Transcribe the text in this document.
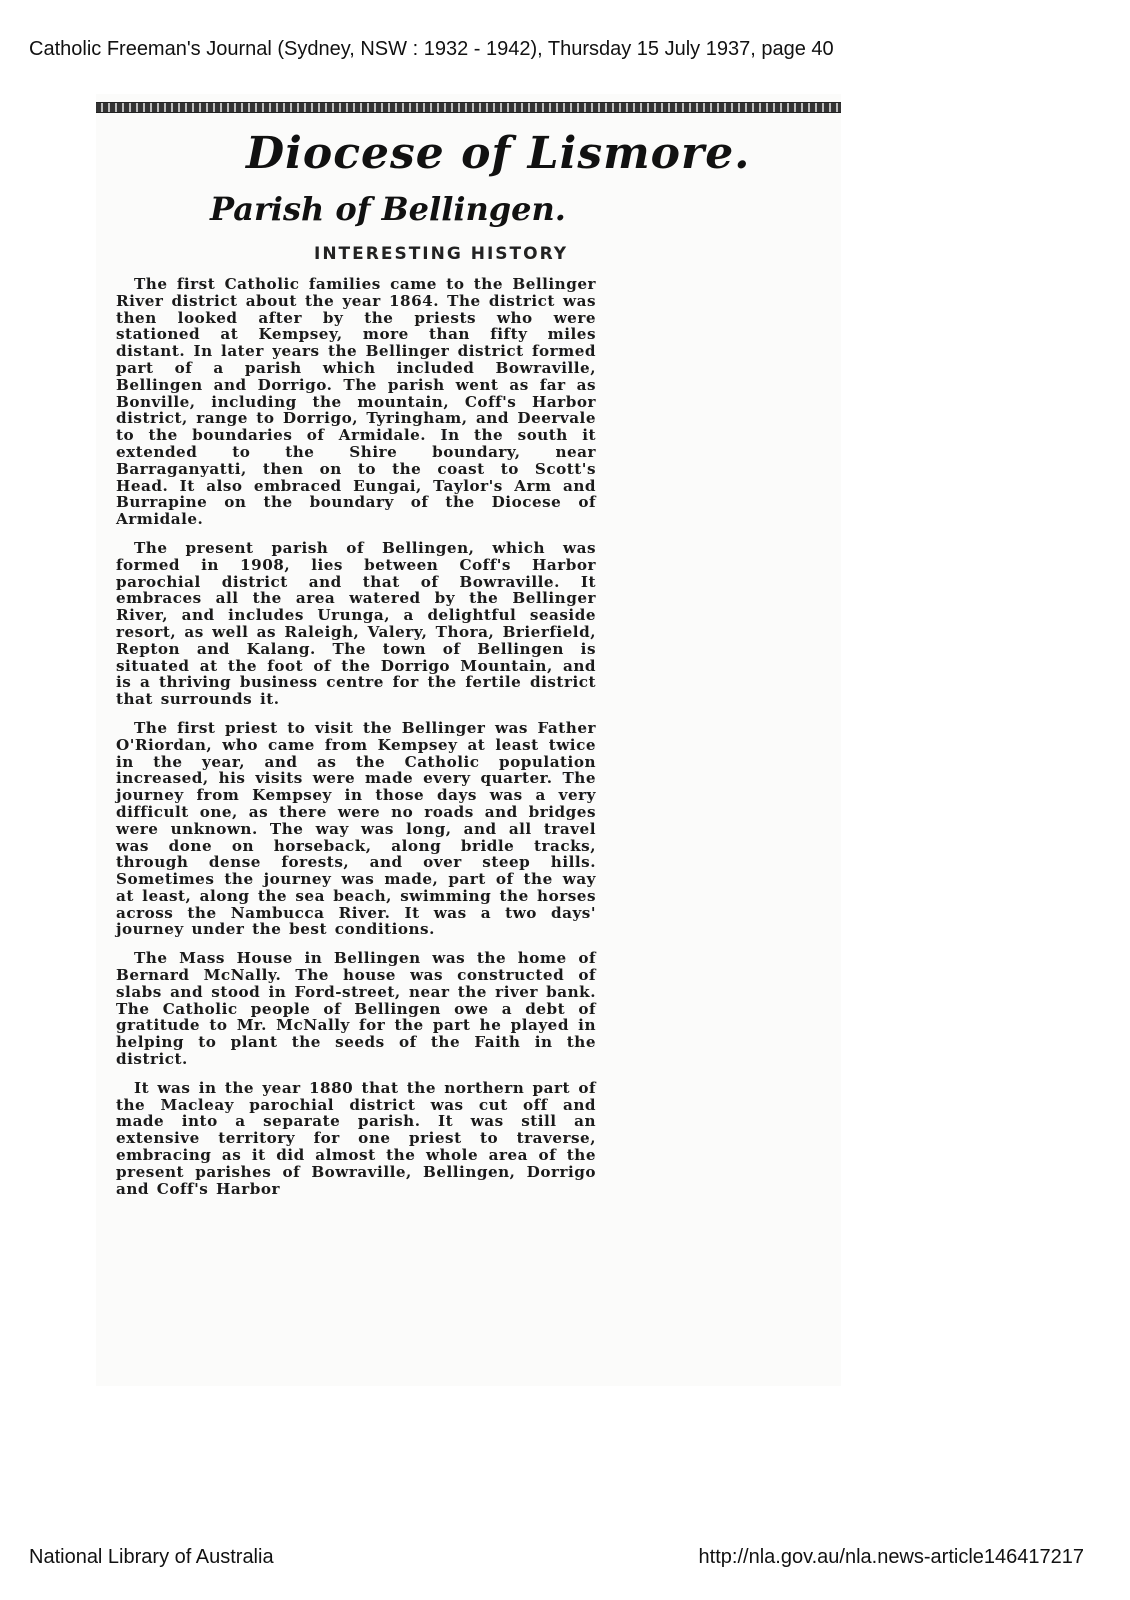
Catholic Freeman's Journal (Sydney, NSW : 1932 - 1942), Thursday 15 July 1937, page 40
Diocese of Lismore.
Parish of Bellingen.
INTERESTING HISTORY

The first Catholic families came to the Bellinger River district about the year 1864. The district was then looked after by the priests who were stationed at Kempsey, more than fifty miles distant. In later years the Bellinger district formed part of a parish which included Bowraville, Bellingen and Dorrigo. The parish went as far as Bonville, including the mountain, Coff's Harbor district, range to Dorrigo, Tyringham, and Deervale to the boundaries of Armidale. In the south it extended to the Shire boundary, near Barraganyatti, then on to the coast to Scott's Head. It also embraced Eungai, Taylor's Arm and Burrapine on the boundary of the Diocese of Armidale.

The present parish of Bellingen, which was formed in 1908, lies between Coff's Harbor parochial district and that of Bowraville. It embraces all the area watered by the Bellinger River, and includes Urunga, a delightful seaside resort, as well as Raleigh, Valery, Thora, Brierfield, Repton and Kalang. The town of Bellingen is situated at the foot of the Dorrigo Mountain, and is a thriving business centre for the fertile district that surrounds it.

The first priest to visit the Bellinger was Father O'Riordan, who came from Kempsey at least twice in the year, and as the Catholic population increased, his visits were made every quarter. The journey from Kempsey in those days was a very difficult one, as there were no roads and bridges were unknown. The way was long, and all travel was done on horseback, along bridle tracks, through dense forests, and over steep hills. Sometimes the journey was made, part of the way at least, along the sea beach, swimming the horses across the Nambucca River. It was a two days' journey under the best conditions.

The Mass House in Bellingen was the home of Bernard McNally. The house was constructed of slabs and stood in Ford-street, near the river bank. The Catholic people of Bellingen owe a debt of gratitude to Mr. McNally for the part he played in helping to plant the seeds of the Faith in the district.

It was in the year 1880 that the northern part of the Macleay parochial district was cut off and made into a separate parish. It was still an extensive territory for one priest to traverse, embracing as it did almost the whole area of the present parishes of Bowraville, Bellingen, Dorrigo and Coff's Harbor

National Library of Australia	http://nla.gov.au/nla.news-article146417217
